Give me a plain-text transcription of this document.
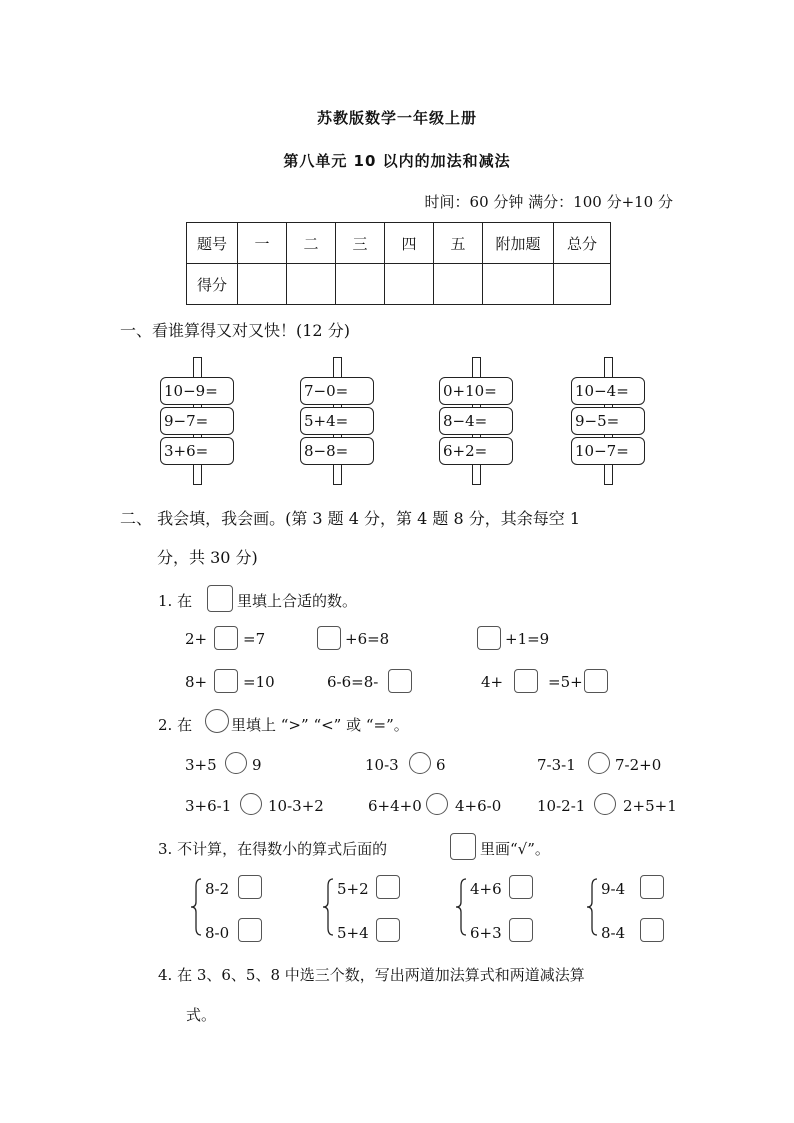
苏教版数学一年级上册
第八单元 10 以内的加法和减法
时间：60 分钟 满分：100 分+10 分
题号	一	二	三	四	五	附加题	总分
得分							
一、看谁算得又对又快！(12 分)
10−9=
9−7=
3+6=
7−0=
5+4=
8−8=
0+10=
8−4=
6+2=
10−4=
9−5=
10−7=
二、 我会填，我会画。(第 3 题 4 分，第 4 题 8 分，其余每空 1
分，共 30 分)
1. 在	里填上合适的数。
2+ =7	+6=8	+1=9
8+ =10	6-6=8-	4+	=5+
2. 在	里填上 “>” “<” 或 “=”。
3+5 9	10-3 6	7-3-1	7-2+0
3+6-1 10-3+2	6+4+0 4+6-0 10-2-1	2+5+1
3. 不计算，在得数小的算式后面的	里画“√”。
8-2
8-0
5+2
5+4
4+6
6+3
9-4
8-4
4. 在 3、6、5、8 中选三个数，写出两道加法算式和两道减法算
式。
